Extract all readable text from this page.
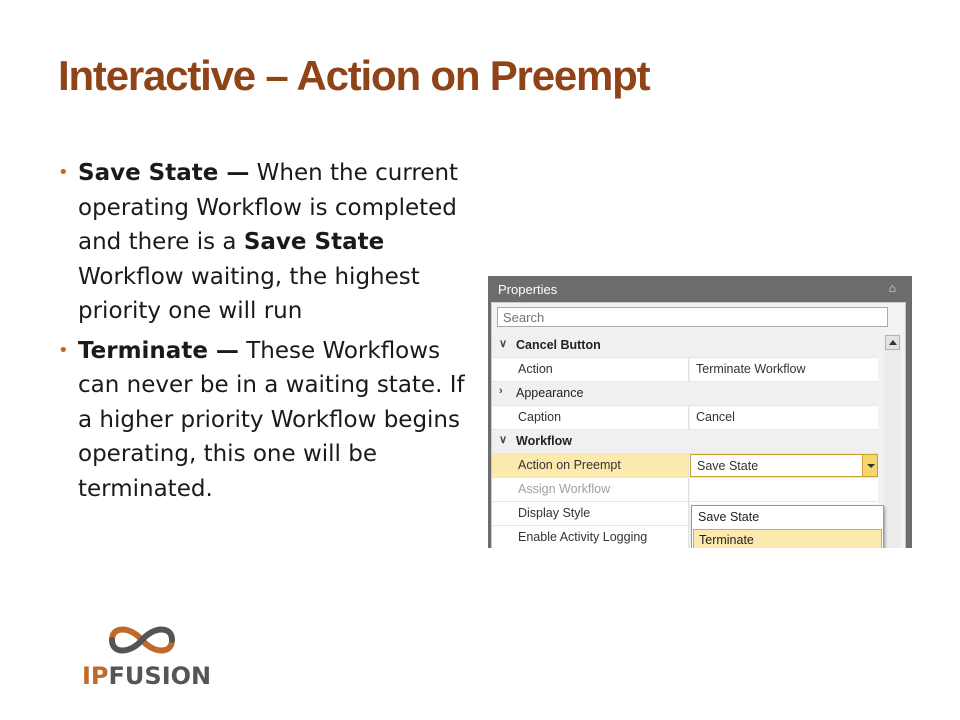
Interactive – Action on Preempt
• Save State — When the current operating Workflow is completed and there is a Save State Workflow waiting, the highest priority one will run
• Terminate — These Workflows can never be in a waiting state. If a higher priority Workflow begins operating, this one will be terminated.
Properties	⌂
Search
∨ Cancel Button
Action	Terminate Workflow
› Appearance
Caption	Cancel
∨ Workflow
Action on Preempt	Save State
Assign Workflow
Display Style
Enable Activity Logging
Save State
Terminate
IPFUSION
